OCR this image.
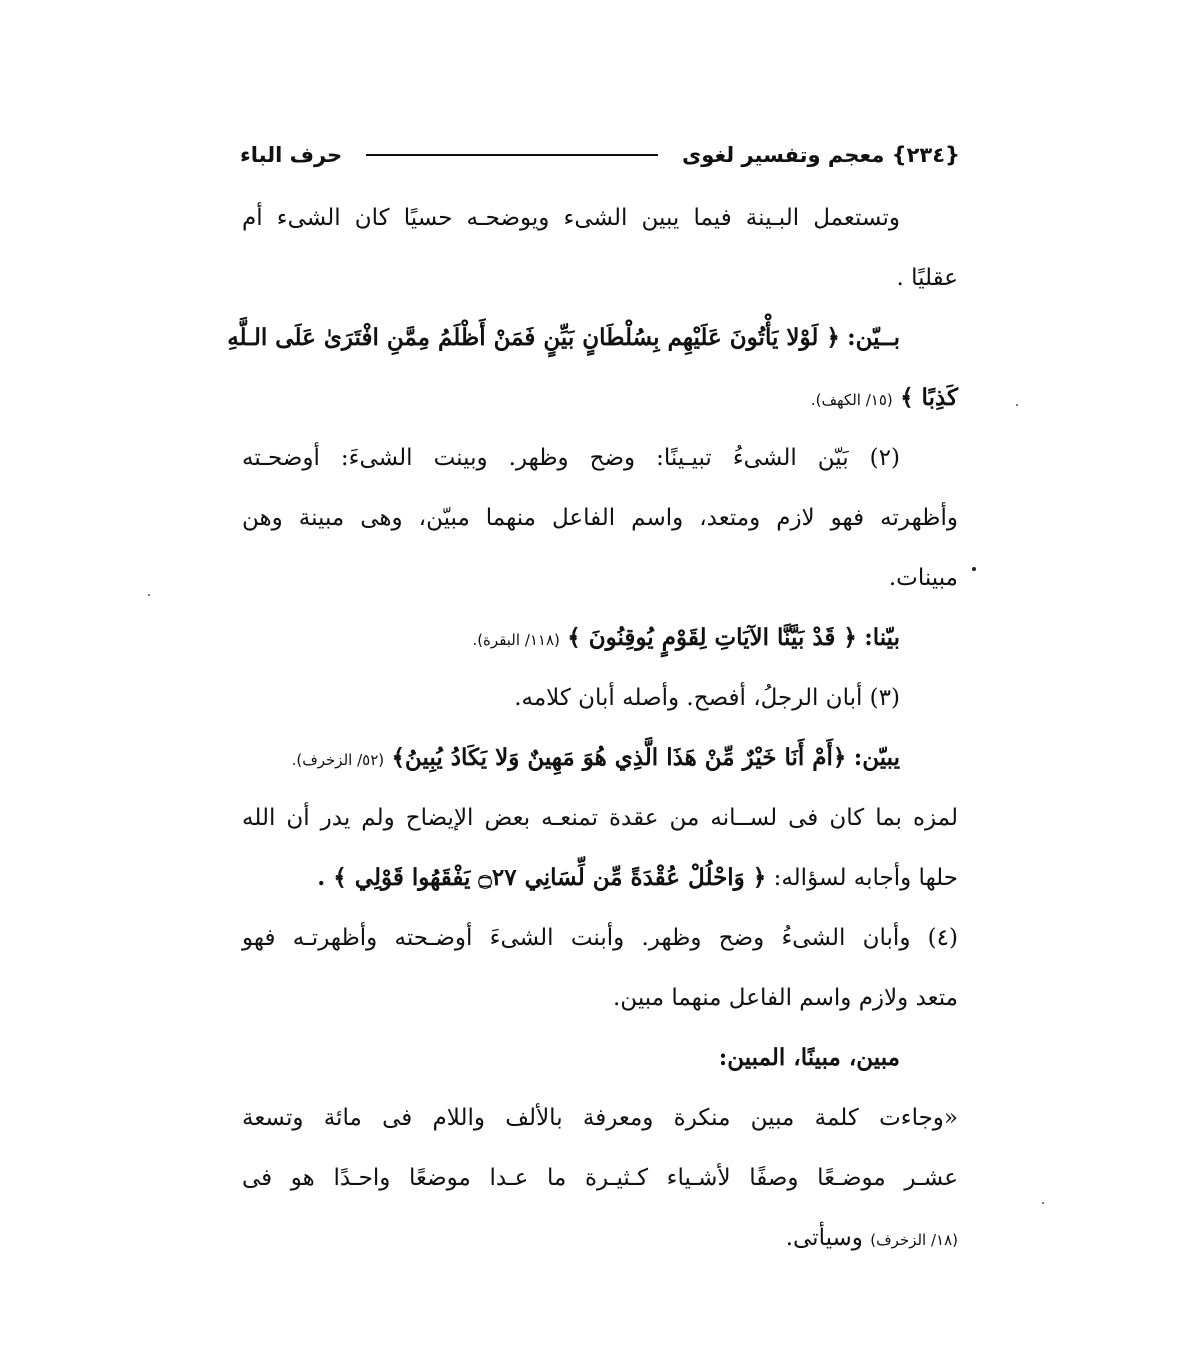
{٢٣٤} معجم وتفسير لغوى
حرف الباء
وتستعمل البـينة فيما يبين الشىء ويوضحـه حسيًا كان الشىء أم
عقليًا .
بــيّن: ﴿ لَوْلا يَأْتُونَ عَلَيْهِم بِسُلْطَانٍ بَيِّنٍ فَمَنْ أَظْلَمُ مِمَّنِ افْتَرَىٰ عَلَى الـلَّهِ
كَذِبًا ﴾ (١٥/ الكهف).
(٢) بَيّن الشىءُ تبيـينًا: وضح وظهر. وبينت الشىءَ: أوضحـته
وأظهرته فهو لازم ومتعد، واسم الفاعل منهما مبيّن، وهى مبينة وهن
مبينات.
بيّنا: ﴿ قَدْ بَيَّنَّا الآيَاتِ لِقَوْمٍ يُوقِنُونَ ﴾ (١١٨/ البقرة).
(٣) أبان الرجلُ، أفصح. وأصله أبان كلامه.
يبيّن: ﴿أَمْ أَنَا خَيْرٌ مِّنْ هَذَا الَّذِي هُوَ مَهِينٌ وَلا يَكَادُ يُبِينُ﴾ (٥٢/ الزخرف).
لمزه بما كان فى لســانه من عقدة تمنعـه بعض الإيضاح ولم يدر أن الله
حلها وأجابه لسؤاله: ﴿ وَاحْلُلْ عُقْدَةً مِّن لِّسَانِي ۝٢٧ يَفْقَهُوا قَوْلِي ﴾ .
(٤) وأبان الشىءُ وضح وظهر. وأبنت الشىءَ أوضـحته وأظهرتـه فهو
متعد ولازم واسم الفاعل منهما مبين.
مبين، مبينًا، المبين:
«وجاءت كلمة مبين منكرة ومعرفة بالألف واللام فى مائة وتسعة
عشـر موضـعًا وصفًا لأشـياء كـثيـرة ما عـدا موضعًا واحـدًا هو فى
(١٨/ الزخرف) وسيأتى.
